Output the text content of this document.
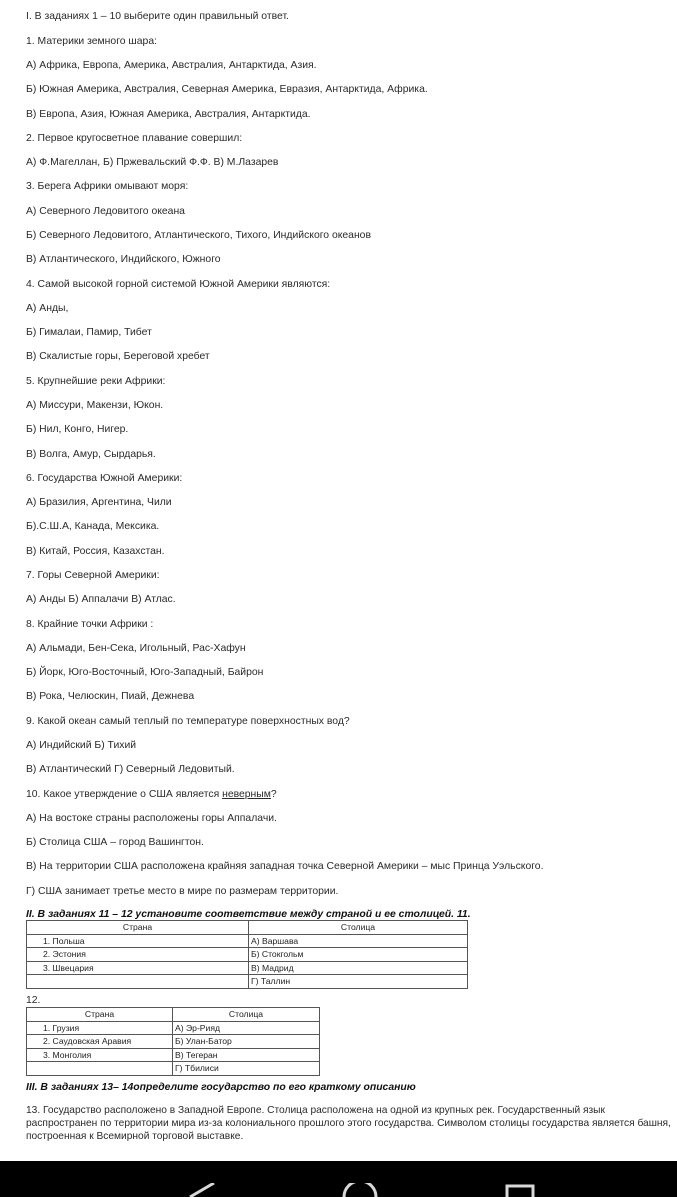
I. В заданиях 1 – 10 выберите один правильный ответ.
1. Материки земного шара:
А) Африка, Европа, Америка, Австралия, Антарктида, Азия.
Б) Южная Америка, Австралия, Северная Америка, Евразия, Антарктида, Африка.
В) Европа, Азия, Южная Америка, Австралия, Антарктида.
2. Первое кругосветное плавание совершил:
А) Ф.Магеллан, Б) Пржевальский Ф.Ф. В) М.Лазарев
3. Берега Африки омывают моря:
А) Северного Ледовитого океана
Б) Северного Ледовитого, Атлантического, Тихого, Индийского океанов
В) Атлантического, Индийского, Южного
4. Самой высокой горной системой Южной Америки являются:
А) Анды,
Б) Гималаи, Памир, Тибет
В) Скалистые горы, Береговой хребет
5. Крупнейшие реки Африки:
А) Миссури, Макензи, Юкон.
Б) Нил, Конго, Нигер.
В) Волга, Амур, Сырдарья.
6. Государства Южной Америки:
А) Бразилия, Аргентина, Чили
Б).С.Ш.А, Канада, Мексика.
В) Китай, Россия, Казахстан.
7. Горы Северной Америки:
А) Анды Б) Аппалачи В) Атлас.
8. Крайние точки Африки :
А) Альмади, Бен-Сека, Игольный, Рас-Хафун
Б) Йорк, Юго-Восточный, Юго-Западный, Байрон
В) Рока, Челюскин, Пиай, Дежнева
9. Какой океан самый теплый по температуре поверхностных вод?
А) Индийский Б) Тихий
В) Атлантический Г) Северный Ледовитый.
10. Какое утверждение о США является неверным?
А) На востоке страны расположены горы Аппалачи.
Б) Столица США – город Вашингтон.
В) На территории США расположена крайняя западная точка Северной Америки – мыс Принца Уэльского.
Г) США занимает третье место в мире по размерам территории.
II. В заданиях 11 – 12 установите соответствие между страной и ее столицей. 11.
Страна	Столица
1. Польша	А) Варшава
2. Эстония	Б) Стокгольм
3. Швецария	В) Мадрид
	Г) Таллин
12.
Страна	Столица
1. Грузия	А) Эр-Рияд
2. Саудовская Аравия	Б) Улан-Батор
3. Монголия	В) Тегеран
	Г) Тбилиси
III. В заданиях 13– 14определите государство по его краткому описанию
13. Государство расположено в Западной Европе. Столица расположена на одной из крупных рек. Государственный язык распространен по территории мира из-за колониального прошлого этого государства. Символом столицы государства является башня, построенная к Всемирной торговой выставке.
